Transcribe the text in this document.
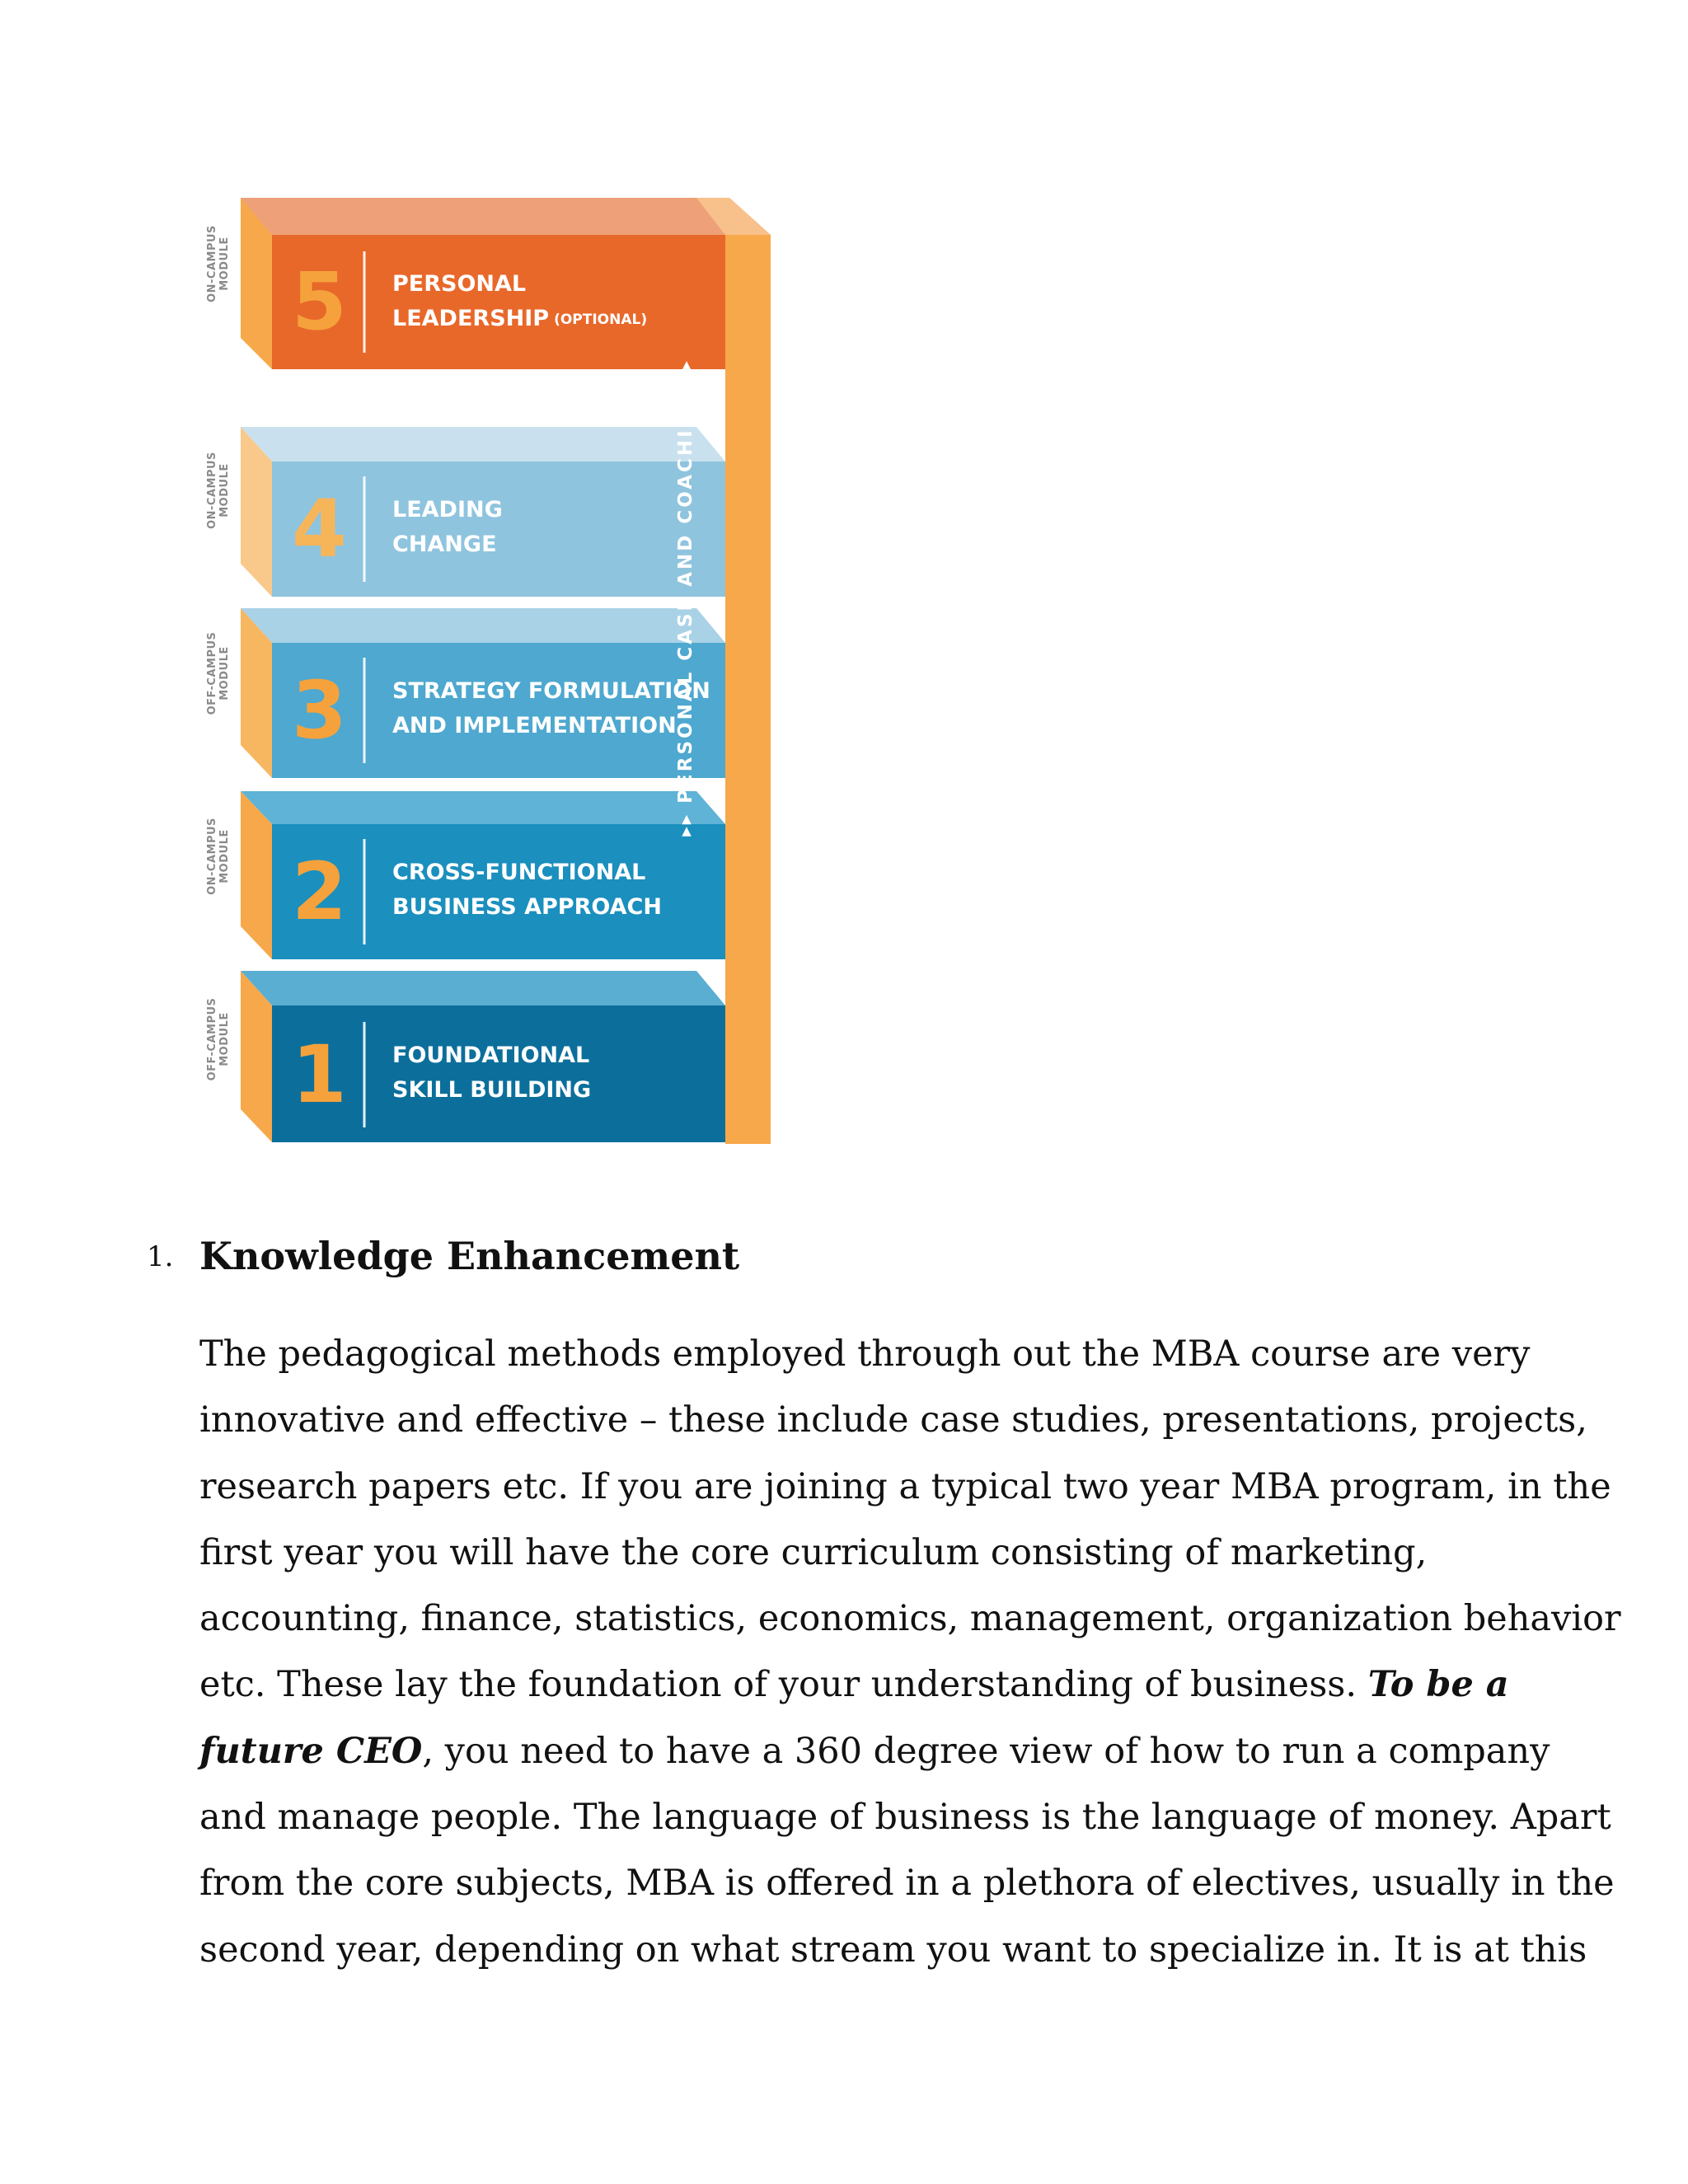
5
4
3
2
1
PERSONAL
LEADERSHIP (OPTIONAL)
LEADING
CHANGE
STRATEGY FORMULATION
AND IMPLEMENTATION
CROSS-FUNCTIONAL
BUSINESS APPROACH
FOUNDATIONAL
SKILL BUILDING
ON-CAMPUS
MODULE
ON-CAMPUS
MODULE
OFF-CAMPUS
MODULE
ON-CAMPUS
MODULE
OFF-CAMPUS
MODULE
▸▸ PERSONAL CASE AND COACHING ▸▸
1. Knowledge Enhancement

The pedagogical methods employed through out the MBA course are very
innovative and effective – these include case studies, presentations, projects,
research papers etc. If you are joining a typical two year MBA program, in the
first year you will have the core curriculum consisting of marketing,
accounting, finance, statistics, economics, management, organization behavior
etc. These lay the foundation of your understanding of business. To be a
future CEO, you need to have a 360 degree view of how to run a company
and manage people. The language of business is the language of money. Apart
from the core subjects, MBA is offered in a plethora of electives, usually in the
second year, depending on what stream you want to specialize in. It is at this
